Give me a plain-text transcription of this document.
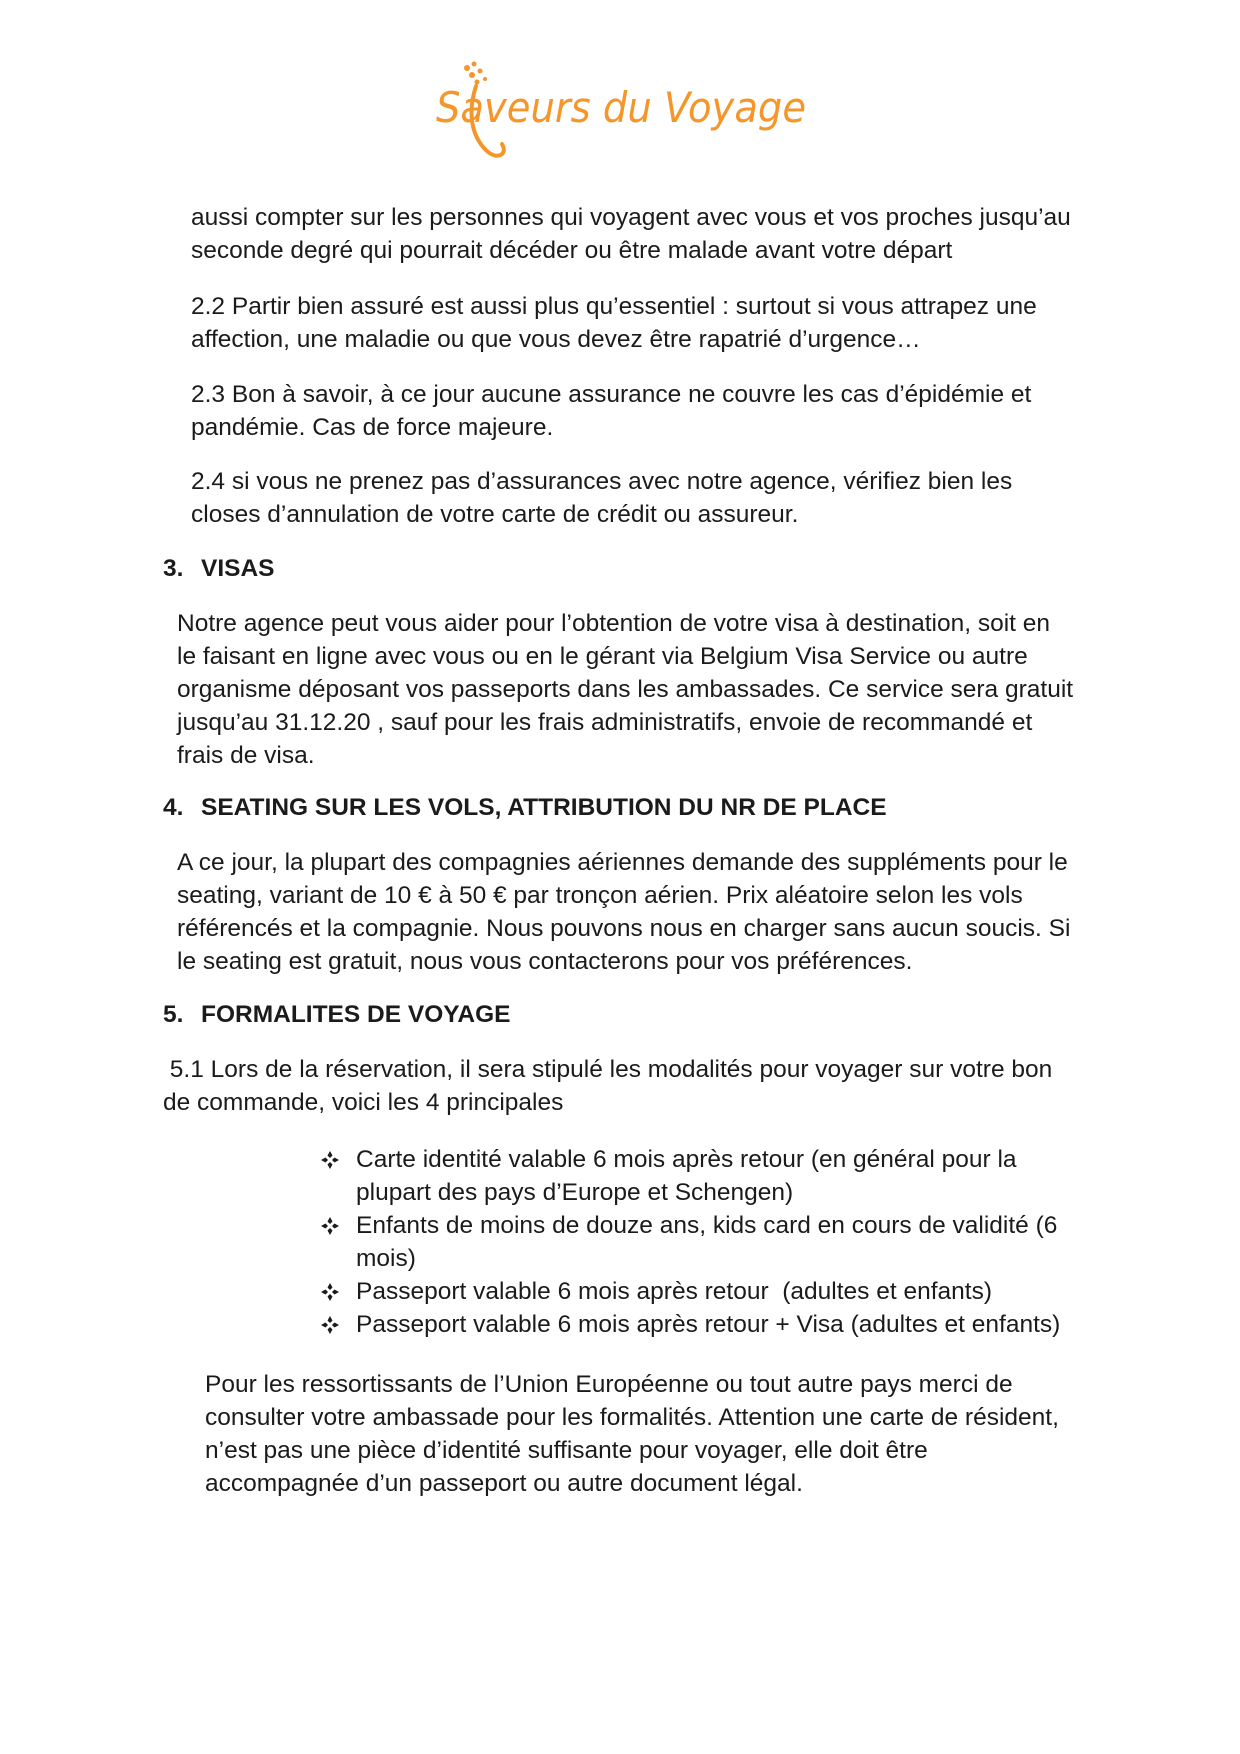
Saveurs du Voyage

aussi compter sur les personnes qui voyagent avec vous et vos proches jusqu’au

seconde degré qui pourrait décéder ou être malade avant votre départ

2.2 Partir bien assuré est aussi plus qu’essentiel : surtout si vous attrapez une

affection, une maladie ou que vous devez être rapatrié d’urgence…

2.3 Bon à savoir, à ce jour aucune assurance ne couvre les cas d’épidémie et

pandémie. Cas de force majeure.

2.4 si vous ne prenez pas d’assurances avec notre agence, vérifiez bien les

closes d’annulation de votre carte de crédit ou assureur.

3. VISAS

Notre agence peut vous aider pour l’obtention de votre visa à destination, soit en

le faisant en ligne avec vous ou en le gérant via Belgium Visa Service ou autre

organisme déposant vos passeports dans les ambassades. Ce service sera gratuit

jusqu’au 31.12.20 , sauf pour les frais administratifs, envoie de recommandé et

frais de visa.

4. SEATING SUR LES VOLS, ATTRIBUTION DU NR DE PLACE

A ce jour, la plupart des compagnies aériennes demande des suppléments pour le

seating, variant de 10 € à 50 € par tronçon aérien. Prix aléatoire selon les vols

référencés et la compagnie. Nous pouvons nous en charger sans aucun soucis. Si

le seating est gratuit, nous vous contacterons pour vos préférences.

5. FORMALITES DE VOYAGE

5.1 Lors de la réservation, il sera stipulé les modalités pour voyager sur votre bon

de commande, voici les 4 principales

Carte identité valable 6 mois après retour (en général pour la
plupart des pays d’Europe et Schengen)
Enfants de moins de douze ans, kids card en cours de validité (6
mois)
Passeport valable 6 mois après retour  (adultes et enfants)
Passeport valable 6 mois après retour + Visa (adultes et enfants)

Pour les ressortissants de l’Union Européenne ou tout autre pays merci de

consulter votre ambassade pour les formalités. Attention une carte de résident,

n’est pas une pièce d’identité suffisante pour voyager, elle doit être

accompagnée d’un passeport ou autre document légal.
